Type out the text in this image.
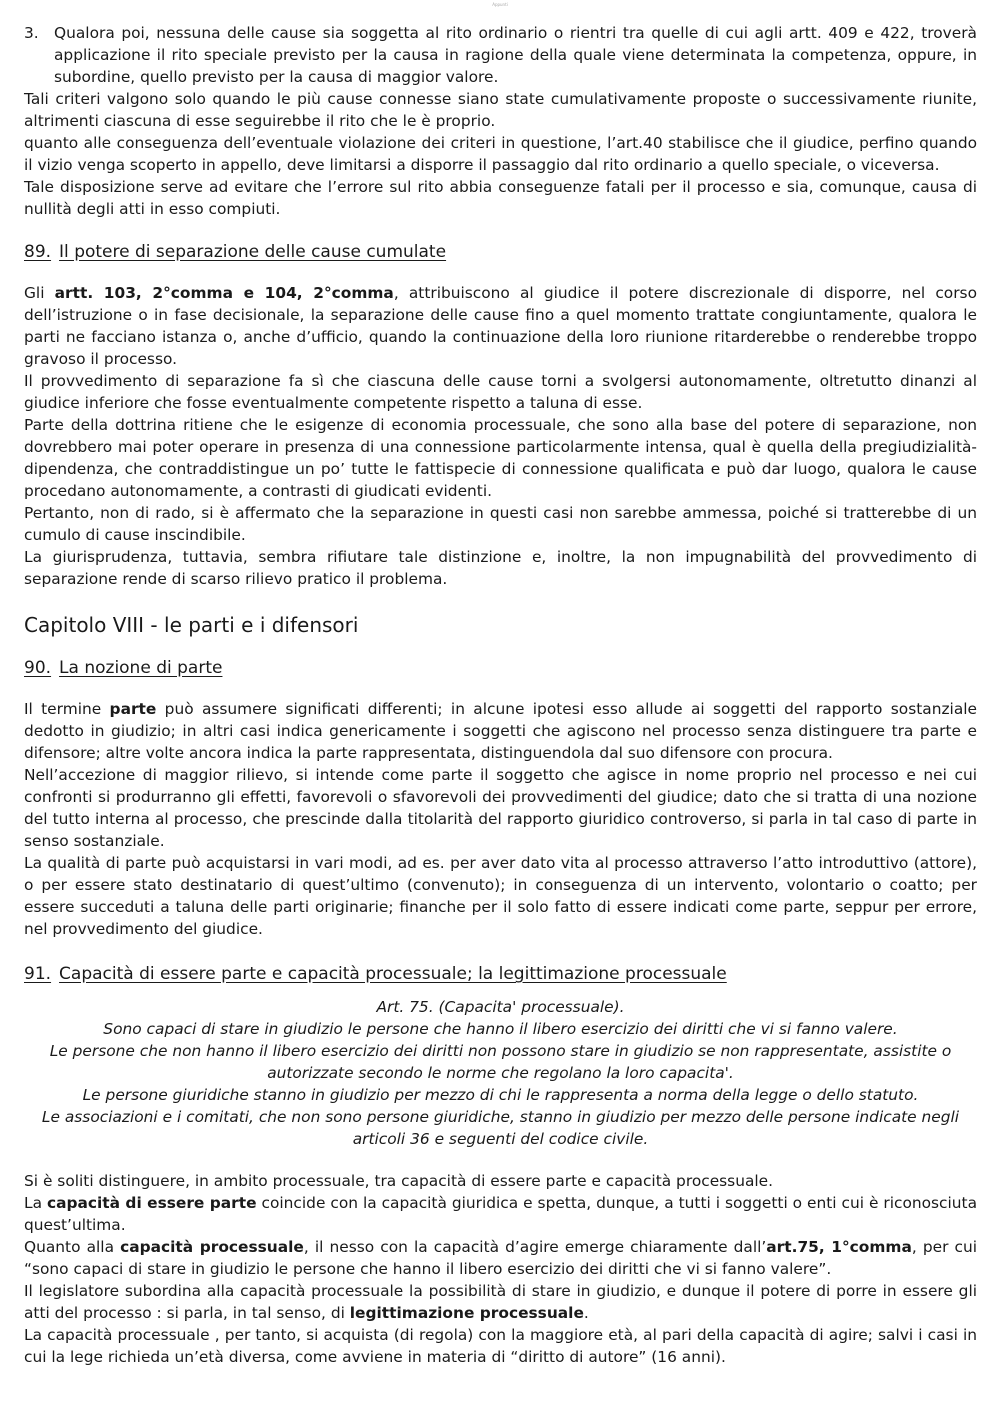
Appunti
3. Qualora poi, nessuna delle cause sia soggetta al rito ordinario o rientri tra quelle di cui agli artt. 409 e 422, troverà applicazione il rito speciale previsto per la causa in ragione della quale viene determinata la competenza, oppure, in subordine, quello previsto per la causa di maggior valore.

Tali criteri valgono solo quando le più cause connesse siano state cumulativamente proposte o successivamente riunite, altrimenti ciascuna di esse seguirebbe il rito che le è proprio.

quanto alle conseguenza dell’eventuale violazione dei criteri in questione, l’art.40 stabilisce che il giudice, perfino quando il vizio venga scoperto in appello, deve limitarsi a disporre il passaggio dal rito ordinario a quello speciale, o viceversa.

Tale disposizione serve ad evitare che l’errore sul rito abbia conseguenze fatali per il processo e sia, comunque, causa di nullità degli atti in esso compiuti.

89. Il potere di separazione delle cause cumulate

Gli artt. 103, 2°comma e 104, 2°comma, attribuiscono al giudice il potere discrezionale di disporre, nel corso dell’istruzione o in fase decisionale, la separazione delle cause fino a quel momento trattate congiuntamente, qualora le parti ne facciano istanza o, anche d’ufficio, quando la continuazione della loro riunione ritarderebbe o renderebbe troppo gravoso il processo.

Il provvedimento di separazione fa sì che ciascuna delle cause torni a svolgersi autonomamente, oltretutto dinanzi al giudice inferiore che fosse eventualmente competente rispetto a taluna di esse.

Parte della dottrina ritiene che le esigenze di economia processuale, che sono alla base del potere di separazione, non dovrebbero mai poter operare in presenza di una connessione particolarmente intensa, qual è quella della pregiudizialità-dipendenza, che contraddistingue un po’ tutte le fattispecie di connessione qualificata e può dar luogo, qualora le cause procedano autonomamente, a contrasti di giudicati evidenti.

Pertanto, non di rado, si è affermato che la separazione in questi casi non sarebbe ammessa, poiché si tratterebbe di un cumulo di cause inscindibile.

La giurisprudenza, tuttavia, sembra rifiutare tale distinzione e, inoltre, la non impugnabilità del provvedimento di separazione rende di scarso rilievo pratico il problema.

Capitolo VIII - le parti e i difensori
90. La nozione di parte

Il termine parte può assumere significati differenti; in alcune ipotesi esso allude ai soggetti del rapporto sostanziale dedotto in giudizio; in altri casi indica genericamente i soggetti che agiscono nel processo senza distinguere tra parte e difensore; altre volte ancora indica la parte rappresentata, distinguendola dal suo difensore con procura.

Nell’accezione di maggior rilievo, si intende come parte il soggetto che agisce in nome proprio nel processo e nei cui confronti si produrranno gli effetti, favorevoli o sfavorevoli dei provvedimenti del giudice; dato che si tratta di una nozione del tutto interna al processo, che prescinde dalla titolarità del rapporto giuridico controverso, si parla in tal caso di parte in senso sostanziale.

La qualità di parte può acquistarsi in vari modi, ad es. per aver dato vita al processo attraverso l’atto introduttivo (attore), o per essere stato destinatario di quest’ultimo (convenuto); in conseguenza di un intervento, volontario o coatto; per essere succeduti a taluna delle parti originarie; finanche per il solo fatto di essere indicati come parte, seppur per errore, nel provvedimento del giudice.

91. Capacità di essere parte e capacità processuale; la legittimazione processuale

Art. 75. (Capacita' processuale).

Sono capaci di stare in giudizio le persone che hanno il libero esercizio dei diritti che vi si fanno valere.

Le persone che non hanno il libero esercizio dei diritti non possono stare in giudizio se non rappresentate, assistite o autorizzate secondo le norme che regolano la loro capacita'.

Le persone giuridiche stanno in giudizio per mezzo di chi le rappresenta a norma della legge o dello statuto.

Le associazioni e i comitati, che non sono persone giuridiche, stanno in giudizio per mezzo delle persone indicate negli articoli 36 e seguenti del codice civile.

Si è soliti distinguere, in ambito processuale, tra capacità di essere parte e capacità processuale.

La capacità di essere parte coincide con la capacità giuridica e spetta, dunque, a tutti i soggetti o enti cui è riconosciuta quest’ultima.

Quanto alla capacità processuale, il nesso con la capacità d’agire emerge chiaramente dall’art.75, 1°comma, per cui “sono capaci di stare in giudizio le persone che hanno il libero esercizio dei diritti che vi si fanno valere”.

Il legislatore subordina alla capacità processuale la possibilità di stare in giudizio, e dunque il potere di porre in essere gli atti del processo : si parla, in tal senso, di legittimazione processuale.

La capacità processuale , per tanto, si acquista (di regola) con la maggiore età, al pari della capacità di agire; salvi i casi in cui la lege richieda un’età diversa, come avviene in materia di “diritto di autore” (16 anni).
